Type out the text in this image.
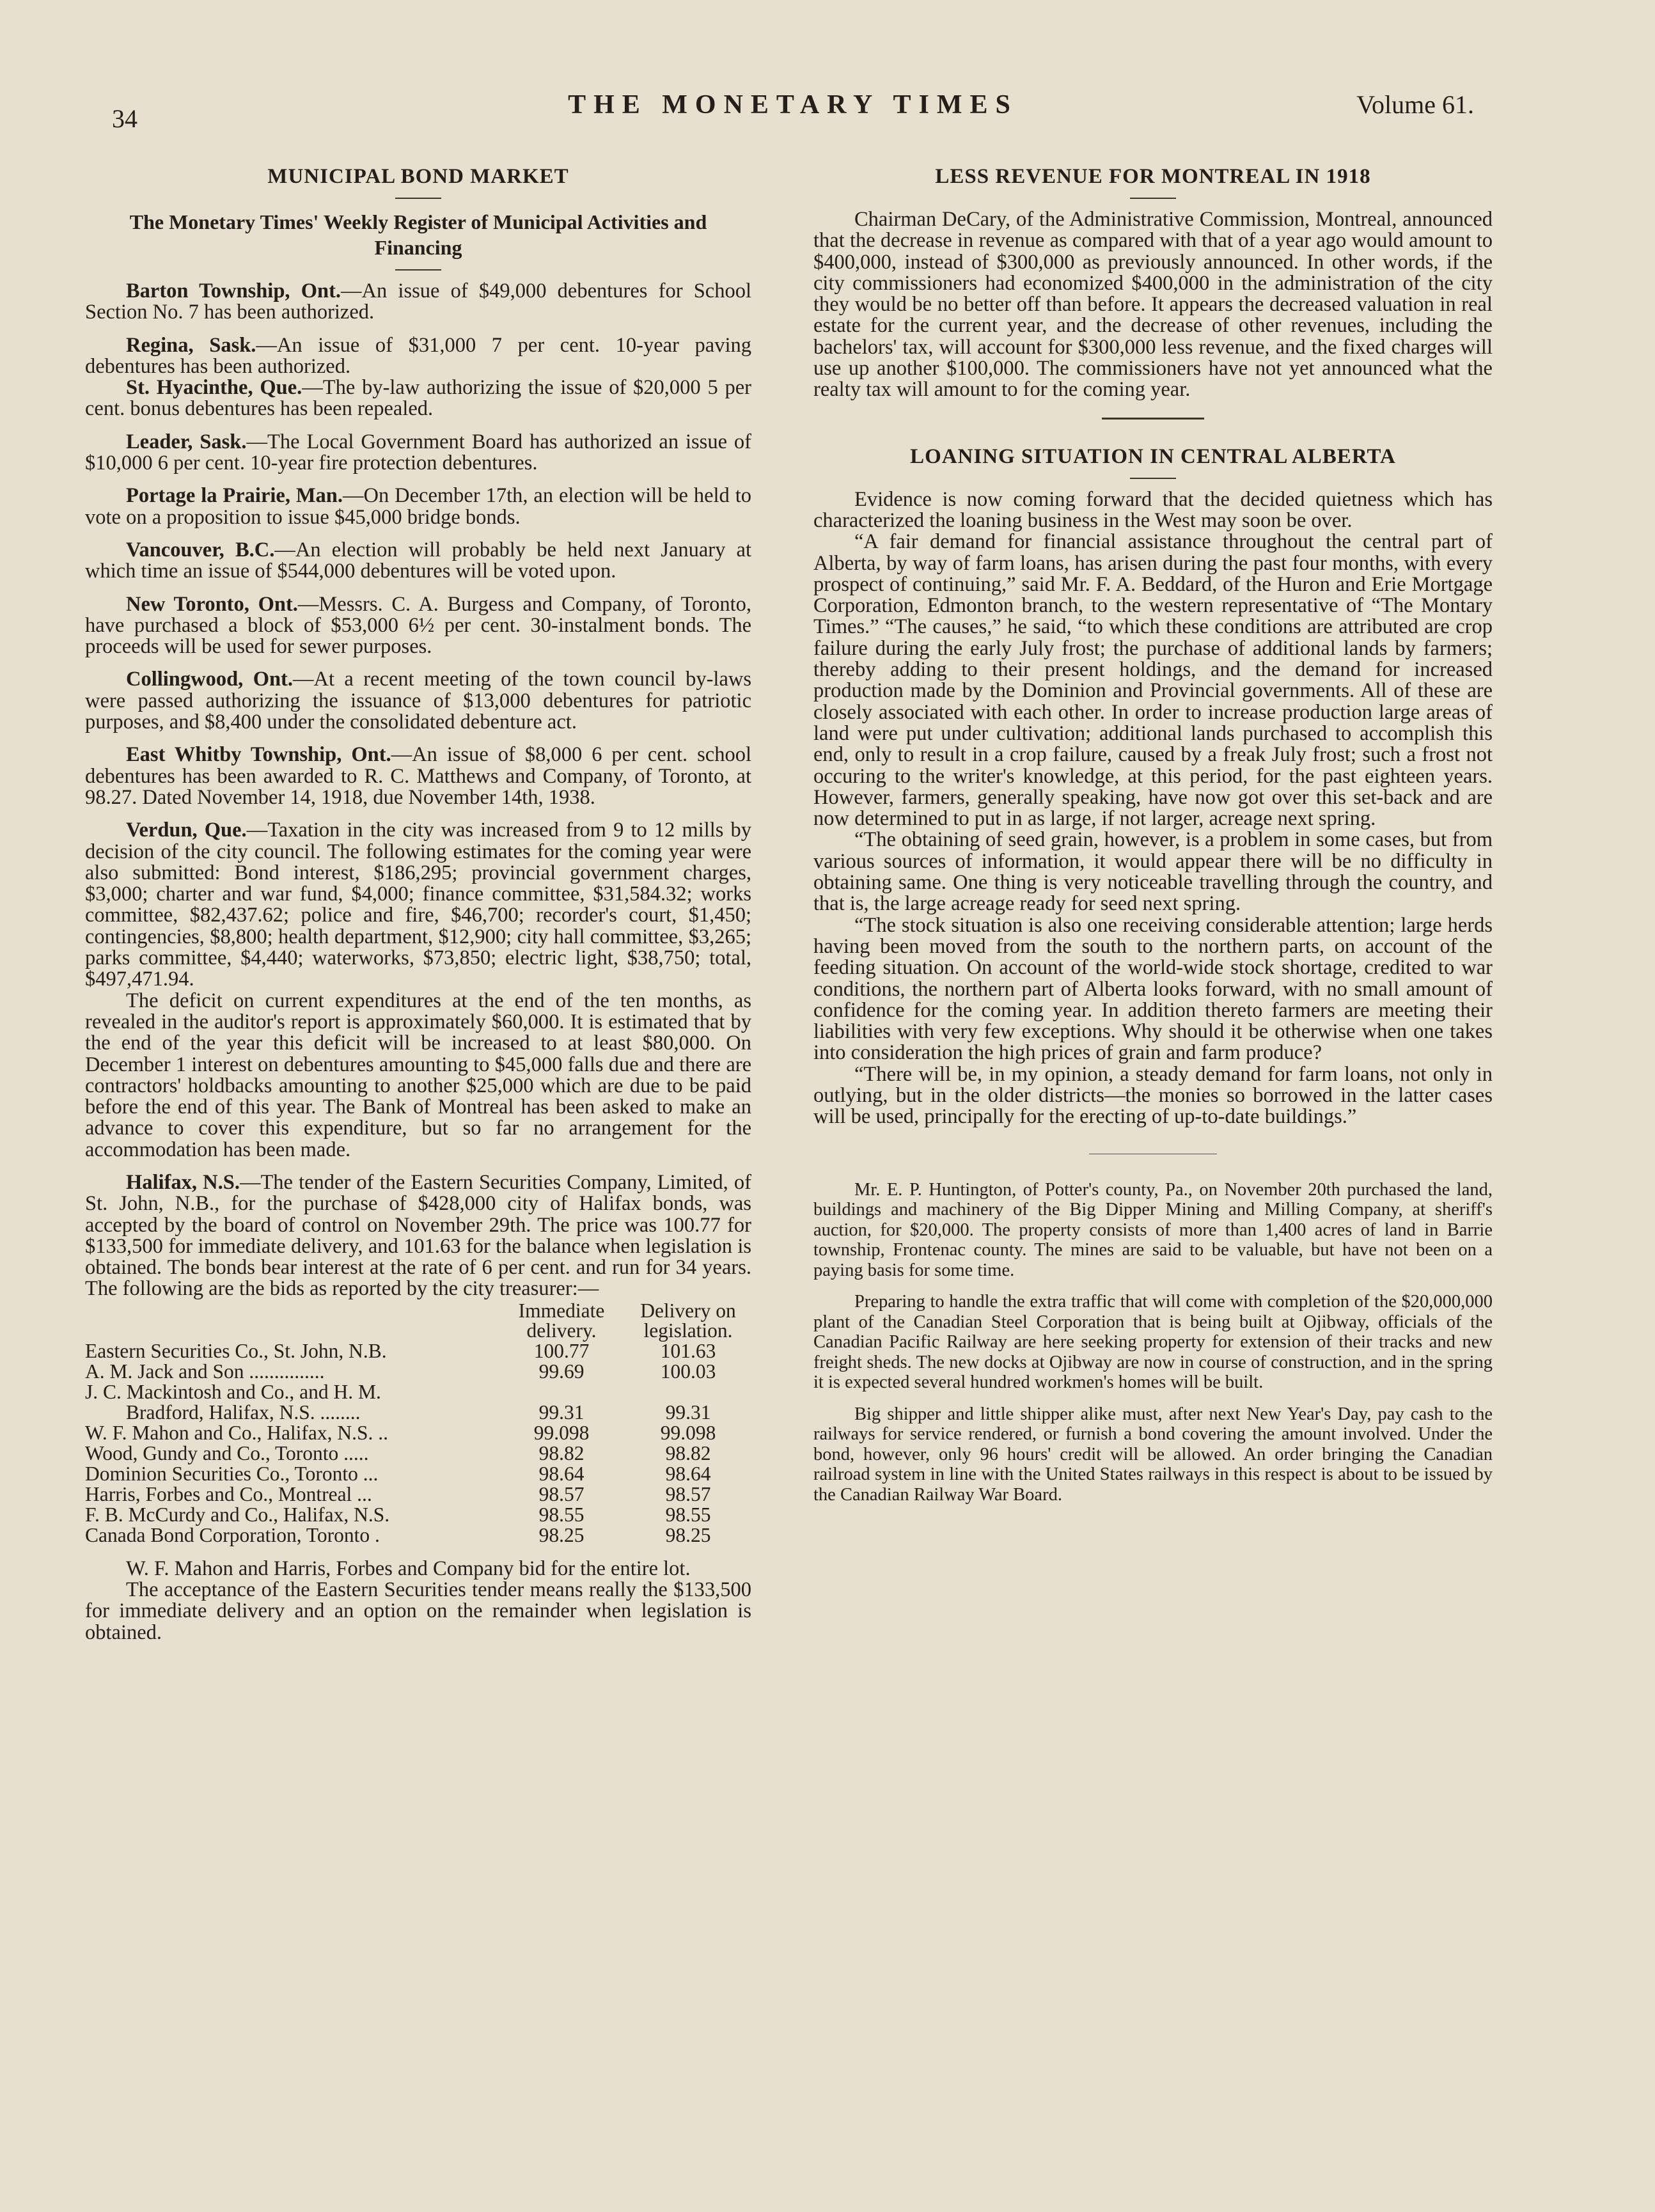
34	THE MONETARY TIMES	Volume 61.
MUNICIPAL BOND MARKET
The Monetary Times' Weekly Register of Municipal Activities and Financing

Barton Township, Ont.—An issue of $49,000 debentures for School Section No. 7 has been authorized.

Regina, Sask.—An issue of $31,000 7 per cent. 10-year paving debentures has been authorized.

St. Hyacinthe, Que.—The by-law authorizing the issue of $20,000 5 per cent. bonus debentures has been repealed.

Leader, Sask.—The Local Government Board has authorized an issue of $10,000 6 per cent. 10-year fire protection debentures.

Portage la Prairie, Man.—On December 17th, an election will be held to vote on a proposition to issue $45,000 bridge bonds.

Vancouver, B.C.—An election will probably be held next January at which time an issue of $544,000 debentures will be voted upon.

New Toronto, Ont.—Messrs. C. A. Burgess and Company, of Toronto, have purchased a block of $53,000 6½ per cent. 30-instalment bonds. The proceeds will be used for sewer purposes.

Collingwood, Ont.—At a recent meeting of the town council by-laws were passed authorizing the issuance of $13,000 debentures for patriotic purposes, and $8,400 under the consolidated debenture act.

East Whitby Township, Ont.—An issue of $8,000 6 per cent. school debentures has been awarded to R. C. Matthews and Company, of Toronto, at 98.27. Dated November 14, 1918, due November 14th, 1938.

Verdun, Que.—Taxation in the city was increased from 9 to 12 mills by decision of the city council. The following estimates for the coming year were also submitted: Bond interest, $186,295; provincial government charges, $3,000; charter and war fund, $4,000; finance committee, $31,584.32; works committee, $82,437.62; police and fire, $46,700; recorder's court, $1,450; contingencies, $8,800; health department, $12,900; city hall committee, $3,265; parks committee, $4,440; waterworks, $73,850; electric light, $38,750; total, $497,471.94.

The deficit on current expenditures at the end of the ten months, as revealed in the auditor's report is approximately $60,000. It is estimated that by the end of the year this deficit will be increased to at least $80,000. On December 1 interest on debentures amounting to $45,000 falls due and there are contractors' holdbacks amounting to another $25,000 which are due to be paid before the end of this year. The Bank of Montreal has been asked to make an advance to cover this expenditure, but so far no arrangement for the accommodation has been made.

Halifax, N.S.—The tender of the Eastern Securities Company, Limited, of St. John, N.B., for the purchase of $428,000 city of Halifax bonds, was accepted by the board of control on November 29th. The price was 100.77 for $133,500 for immediate delivery, and 101.63 for the balance when legislation is obtained. The bonds bear interest at the rate of 6 per cent. and run for 34 years. The following are the bids as reported by the city treasurer:—

	Immediate delivery.	Delivery on legislation.
Eastern Securities Co., St. John, N.B.	100.77	101.63
A. M. Jack and Son ...............	99.69	100.03
J. C. Mackintosh and Co., and H. M.		
Bradford, Halifax, N.S. ........	99.31	99.31
W. F. Mahon and Co., Halifax, N.S. ..	99.098	99.098
Wood, Gundy and Co., Toronto .....	98.82	98.82
Dominion Securities Co., Toronto ...	98.64	98.64
Harris, Forbes and Co., Montreal ...	98.57	98.57
F. B. McCurdy and Co., Halifax, N.S.	98.55	98.55
Canada Bond Corporation, Toronto .	98.25	98.25

W. F. Mahon and Harris, Forbes and Company bid for the entire lot.

The acceptance of the Eastern Securities tender means really the $133,500 for immediate delivery and an option on the remainder when legislation is obtained.

LESS REVENUE FOR MONTREAL IN 1918

Chairman DeCary, of the Administrative Commission, Montreal, announced that the decrease in revenue as compared with that of a year ago would amount to $400,000, instead of $300,000 as previously announced. In other words, if the city commissioners had economized $400,000 in the administration of the city they would be no better off than before. It appears the decreased valuation in real estate for the current year, and the decrease of other revenues, including the bachelors' tax, will account for $300,000 less revenue, and the fixed charges will use up another $100,000. The commissioners have not yet announced what the realty tax will amount to for the coming year.

LOANING SITUATION IN CENTRAL ALBERTA

Evidence is now coming forward that the decided quietness which has characterized the loaning business in the West may soon be over.

“A fair demand for financial assistance throughout the central part of Alberta, by way of farm loans, has arisen during the past four months, with every prospect of continuing,” said Mr. F. A. Beddard, of the Huron and Erie Mortgage Corporation, Edmonton branch, to the western representative of “The Montary Times.” “The causes,” he said, “to which these conditions are attributed are crop failure during the early July frost; the purchase of additional lands by farmers; thereby adding to their present holdings, and the demand for increased production made by the Dominion and Provincial governments. All of these are closely associated with each other. In order to increase production large areas of land were put under cultivation; additional lands purchased to accomplish this end, only to result in a crop failure, caused by a freak July frost; such a frost not occuring to the writer's knowledge, at this period, for the past eighteen years. However, farmers, generally speaking, have now got over this set-back and are now determined to put in as large, if not larger, acreage next spring.

“The obtaining of seed grain, however, is a problem in some cases, but from various sources of information, it would appear there will be no difficulty in obtaining same. One thing is very noticeable travelling through the country, and that is, the large acreage ready for seed next spring.

“The stock situation is also one receiving considerable attention; large herds having been moved from the south to the northern parts, on account of the feeding situation. On account of the world-wide stock shortage, credited to war conditions, the northern part of Alberta looks forward, with no small amount of confidence for the coming year. In addition thereto farmers are meeting their liabilities with very few exceptions. Why should it be otherwise when one takes into consideration the high prices of grain and farm produce?

“There will be, in my opinion, a steady demand for farm loans, not only in outlying, but in the older districts—the monies so borrowed in the latter cases will be used, principally for the erecting of up-to-date buildings.”

Mr. E. P. Huntington, of Potter's county, Pa., on November 20th purchased the land, buildings and machinery of the Big Dipper Mining and Milling Company, at sheriff's auction, for $20,000. The property consists of more than 1,400 acres of land in Barrie township, Frontenac county. The mines are said to be valuable, but have not been on a paying basis for some time.

Preparing to handle the extra traffic that will come with completion of the $20,000,000 plant of the Canadian Steel Corporation that is being built at Ojibway, officials of the Canadian Pacific Railway are here seeking property for extension of their tracks and new freight sheds. The new docks at Ojibway are now in course of construction, and in the spring it is expected several hundred workmen's homes will be built.

Big shipper and little shipper alike must, after next New Year's Day, pay cash to the railways for service rendered, or furnish a bond covering the amount involved. Under the bond, however, only 96 hours' credit will be allowed. An order bringing the Canadian railroad system in line with the United States railways in this respect is about to be issued by the Canadian Railway War Board.
